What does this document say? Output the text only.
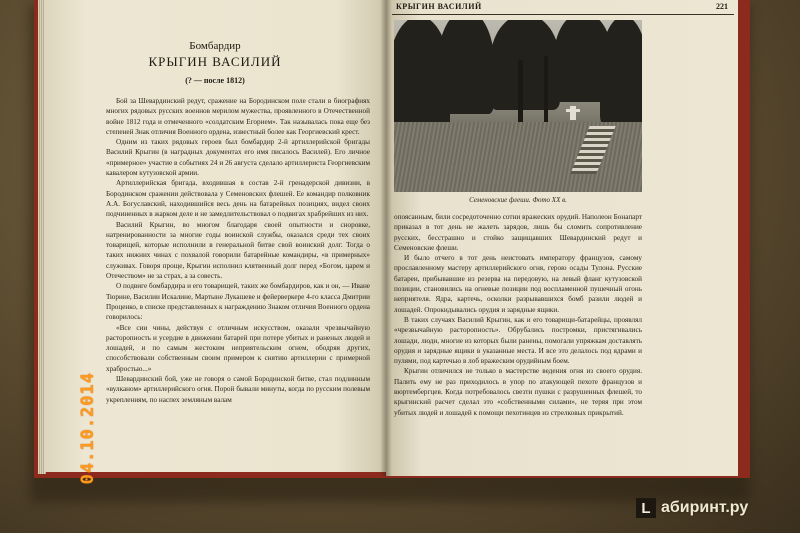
Бомбардир
КРЫГИН ВАСИЛИЙ
(? — после 1812)

Бой за Шевардинский редут, сражение на Бородинском поле стали в биографиях многих рядовых русских военнов мерилом мужества, проявленного в Отечественной войне 1812 года и отмеченного «солдатским Егорием». Так называлась пока еще без степеней Знак отличия Военного ордена, известный более как Георгиевский крест.

Одним из таких рядовых героев был бомбардир 2-й артиллерийской бригады Василий Крыгин (в наградных документах его имя писалось Василей). Его личное «примерное» участие в событиях 24 и 26 августа сделало артиллериста Георгиевским кавалером кутузовской армии.

Артиллерийская бригада, входившая в состав 2-й гренадерской дивизии, в Бородинском сражении действовала у Семеновских флешей. Ее командир полковник А.А. Богуславский, находившийся весь день на батарейных позициях, видел своих подчиненных в жарком деле и не замедлительствовал о подвигах храбрейших из них.

Василий Крыгин, во многом благодаря своей опытности и сноровке, натренированности за многие годы воинской службы, оказался среди тех своих товарищей, которые исполнили в генеральной битве свой воинский долг. Тогда о таких нижних чинах с похвалой говорили батарейные командиры, «в примерных» служивах. Говоря проще, Крыгин исполнил клятвенный долг перед «Богом, царем и Отечеством» не за страх, а за совесть.

О подвиге бомбардира и его товарищей, таких же бомбардиров, как и он, — Иване Тюрине, Василии Искалине, Мартыне Лукашеве и фейерверкере 4-го класса Дмитрии Проценко, в списке представленных к награждению Знаком отличия Военного ордена говорилось:

«Все сии чины, действуя с отличным искусством, оказали чрезвычайную расторопность и усердие в движении батарей при потере убитых и раненых людей и лошадей, и по самым жестоким неприятельским огнем, ободряя других, способствовали собственным своим примером к снятию артиллерии с примерной храбростью...»

Шевардинский бой, уже не говоря о самой Бородинской битве, стал подлинным «вулканом» артиллерийского огня. Порой бывали минуты, когда по русским полевым укреплениям, по наспех земляным валам

опоясанным, били сосредоточенно сотни вражеских орудий. Наполеон Бонапарт приказал в тот день не жалеть зарядов, лишь бы сломить сопротивление русских, бесстрашно и стойко защищавших Шевардинский редут и Семеновские флеши.

И было отчего в тот день неистовать императору французов, самому прославленному мастеру артиллерийского огня, герою осады Тулона. Русские батареи, прибывавшие из резерва на передовую, на левый фланг кутузовской позиции, становились на огневые позиции под воспламенной пушечный огонь неприятеля. Ядра, картечь, осколки разрывавшихся бомб разили людей и лошадей. Опрокидывались орудия и зарядные ящики.

В таких случаях Василий Крыгин, как и его товарищи-батарейцы, проявлял «чрезвычайную расторопность». Обрубались постромки, пристягивались лошади, люди, многие из которых были ранены, помогали упряжкам доставлять орудия и зарядные ящики в указанные места. И все это делалось под ядрами и пулями, под картечью в лоб вражеским орудийным боем.

Крыгин отличился не только в мастерстве ведения огня из своего орудия. Палить ему не раз приходилось в упор по атакующей пехоте французов и вюртембергцев. Когда потребовалось свезти пушки с разрушенных флешей, то крыгинский расчет сделал это «собственными силами», не теряя при этом убитых людей и лошадей к помощи пехотинцев из стрелковых прикрытий.

КРЫГИН ВАСИЛИЙ	221
Семеновские флеши. Фото XX в.
04.10.2014
L абиринт.ру
